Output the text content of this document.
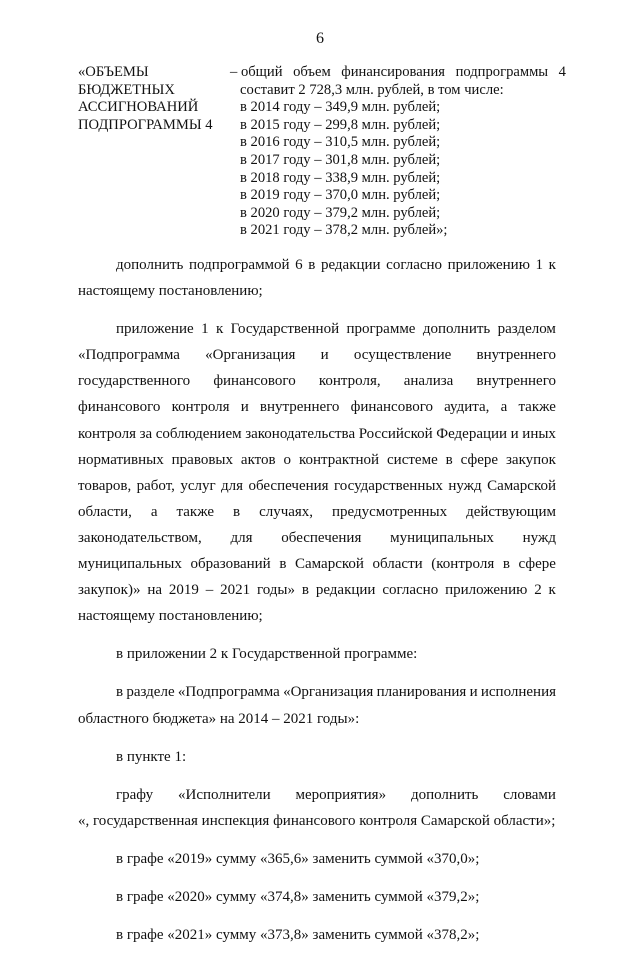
6
«ОБЪЕМЫ
БЮДЖЕТНЫХ
АССИГНОВАНИЙ
ПОДПРОГРАММЫ 4
– общий объем финансирования подпрограммы 4
составит 2 728,3 млн. рублей, в том числе:
в 2014 году – 349,9 млн. рублей;
в 2015 году – 299,8 млн. рублей;
в 2016 году – 310,5 млн. рублей;
в 2017 году – 301,8 млн. рублей;
в 2018 году – 338,9 млн. рублей;
в 2019 году – 370,0 млн. рублей;
в 2020 году – 379,2 млн. рублей;
в 2021 году – 378,2 млн. рублей»;
дополнить подпрограммой 6 в редакции согласно приложению 1 к
настоящему постановлению;
приложение 1 к Государственной программе дополнить разделом
«Подпрограмма «Организация и осуществление внутреннего
государственного финансового контроля, анализа внутреннего
финансового контроля и внутреннего финансового аудита, а также
контроля за соблюдением законодательства Российской Федерации и иных
нормативных правовых актов о контрактной системе в сфере закупок
товаров, работ, услуг для обеспечения государственных нужд Самарской
области, а также в случаях, предусмотренных действующим
законодательством, для обеспечения муниципальных нужд
муниципальных образований в Самарской области (контроля в сфере
закупок)» на 2019 – 2021 годы» в редакции согласно приложению 2 к
настоящему постановлению;
в приложении 2 к Государственной программе:
в разделе «Подпрограмма «Организация планирования и исполнения
областного бюджета» на 2014 – 2021 годы»:
в пункте 1:
графу «Исполнители мероприятия» дополнить словами
«, государственная инспекция финансового контроля Самарской области»;
в графе «2019» сумму «365,6» заменить суммой «370,0»;
в графе «2020» сумму «374,8» заменить суммой «379,2»;
в графе «2021» сумму «373,8» заменить суммой «378,2»;
